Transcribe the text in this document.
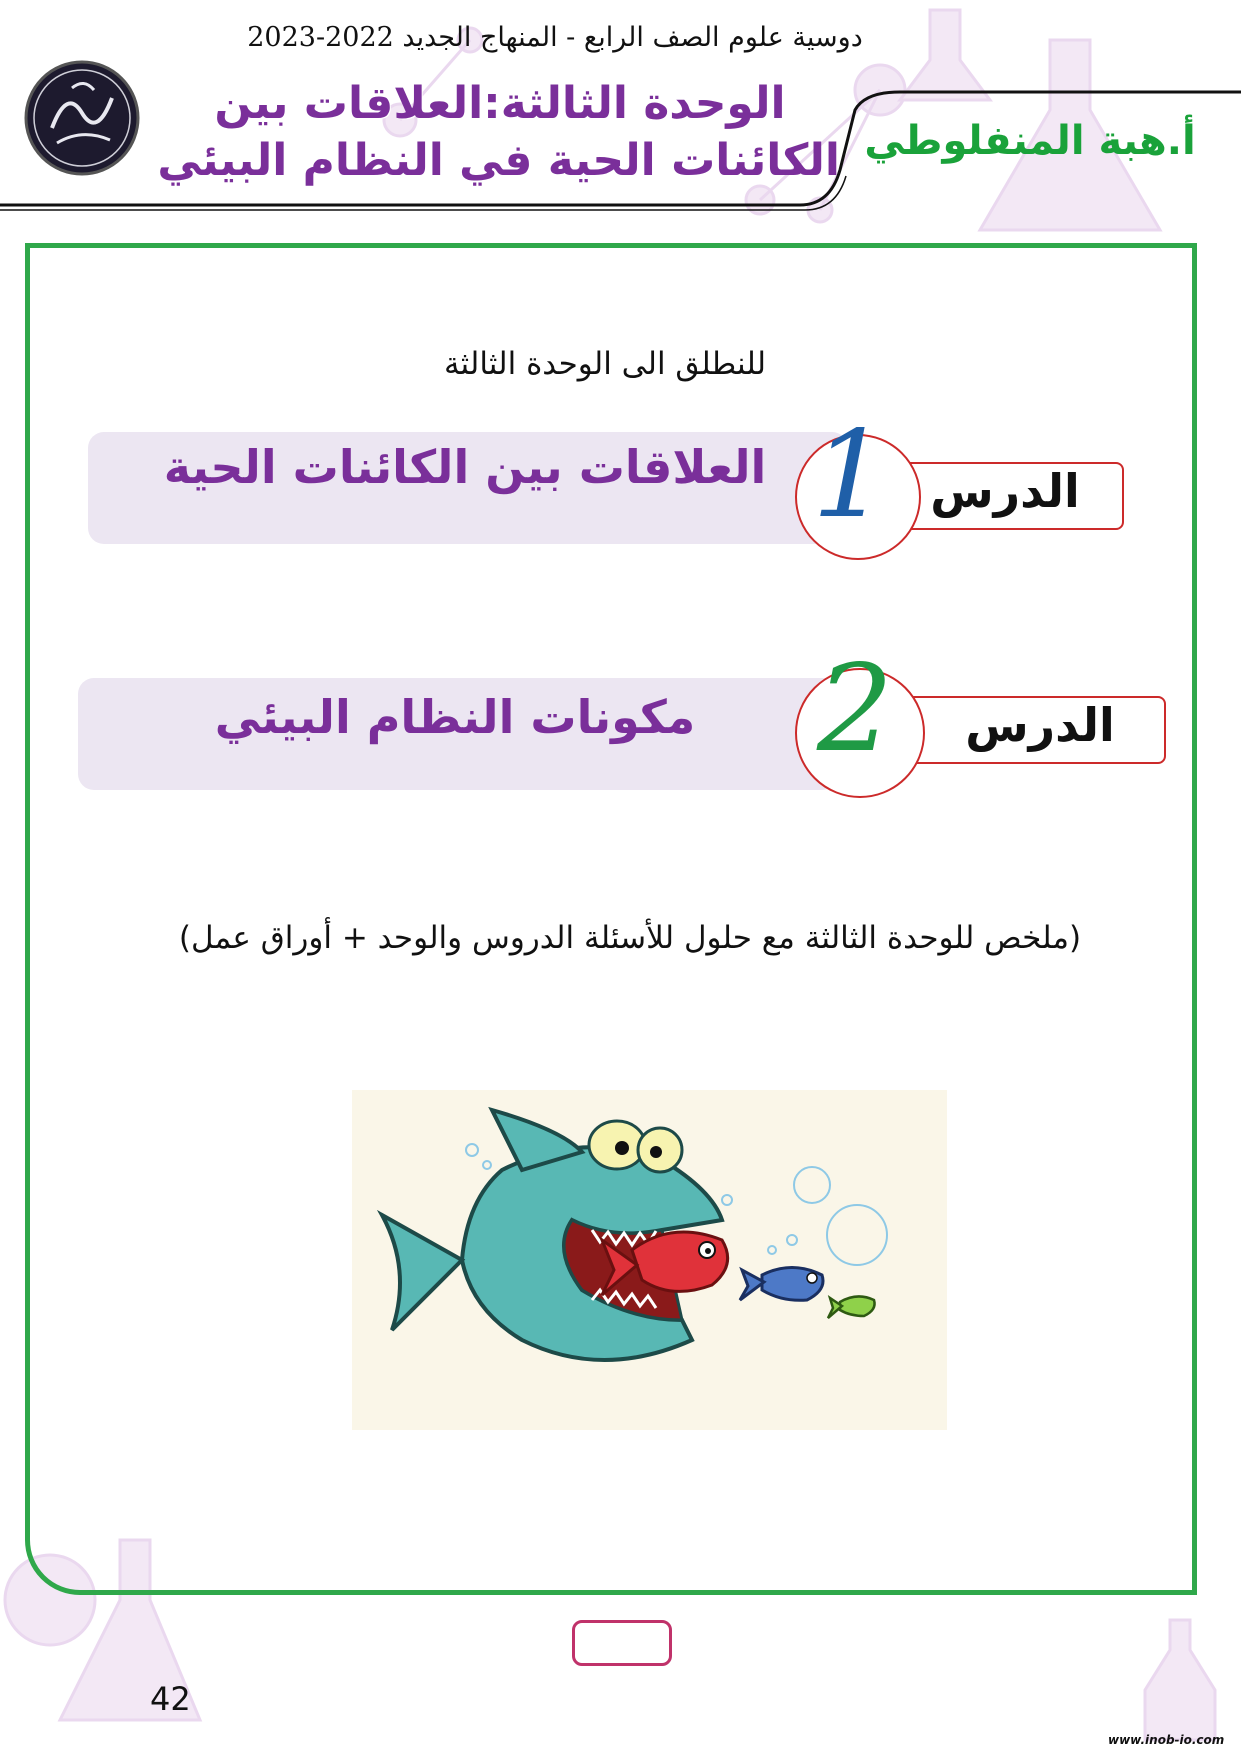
دوسية علوم الصف الرابع - المنهاج الجديد 2022-2023
الوحدة الثالثة:العلاقات بين
الكائنات الحية في النظام البيئي أ.هبة المنفلوطي
للنطلق الى الوحدة الثالثة
العلاقات بين الكائنات الحية	الدرس
1
مكونات النظام البيئي	الدرس
2
(ملخص للوحدة الثالثة مع حلول للأسئلة الدروس والوحد + أوراق عمل)
42
www.inob-io.com
